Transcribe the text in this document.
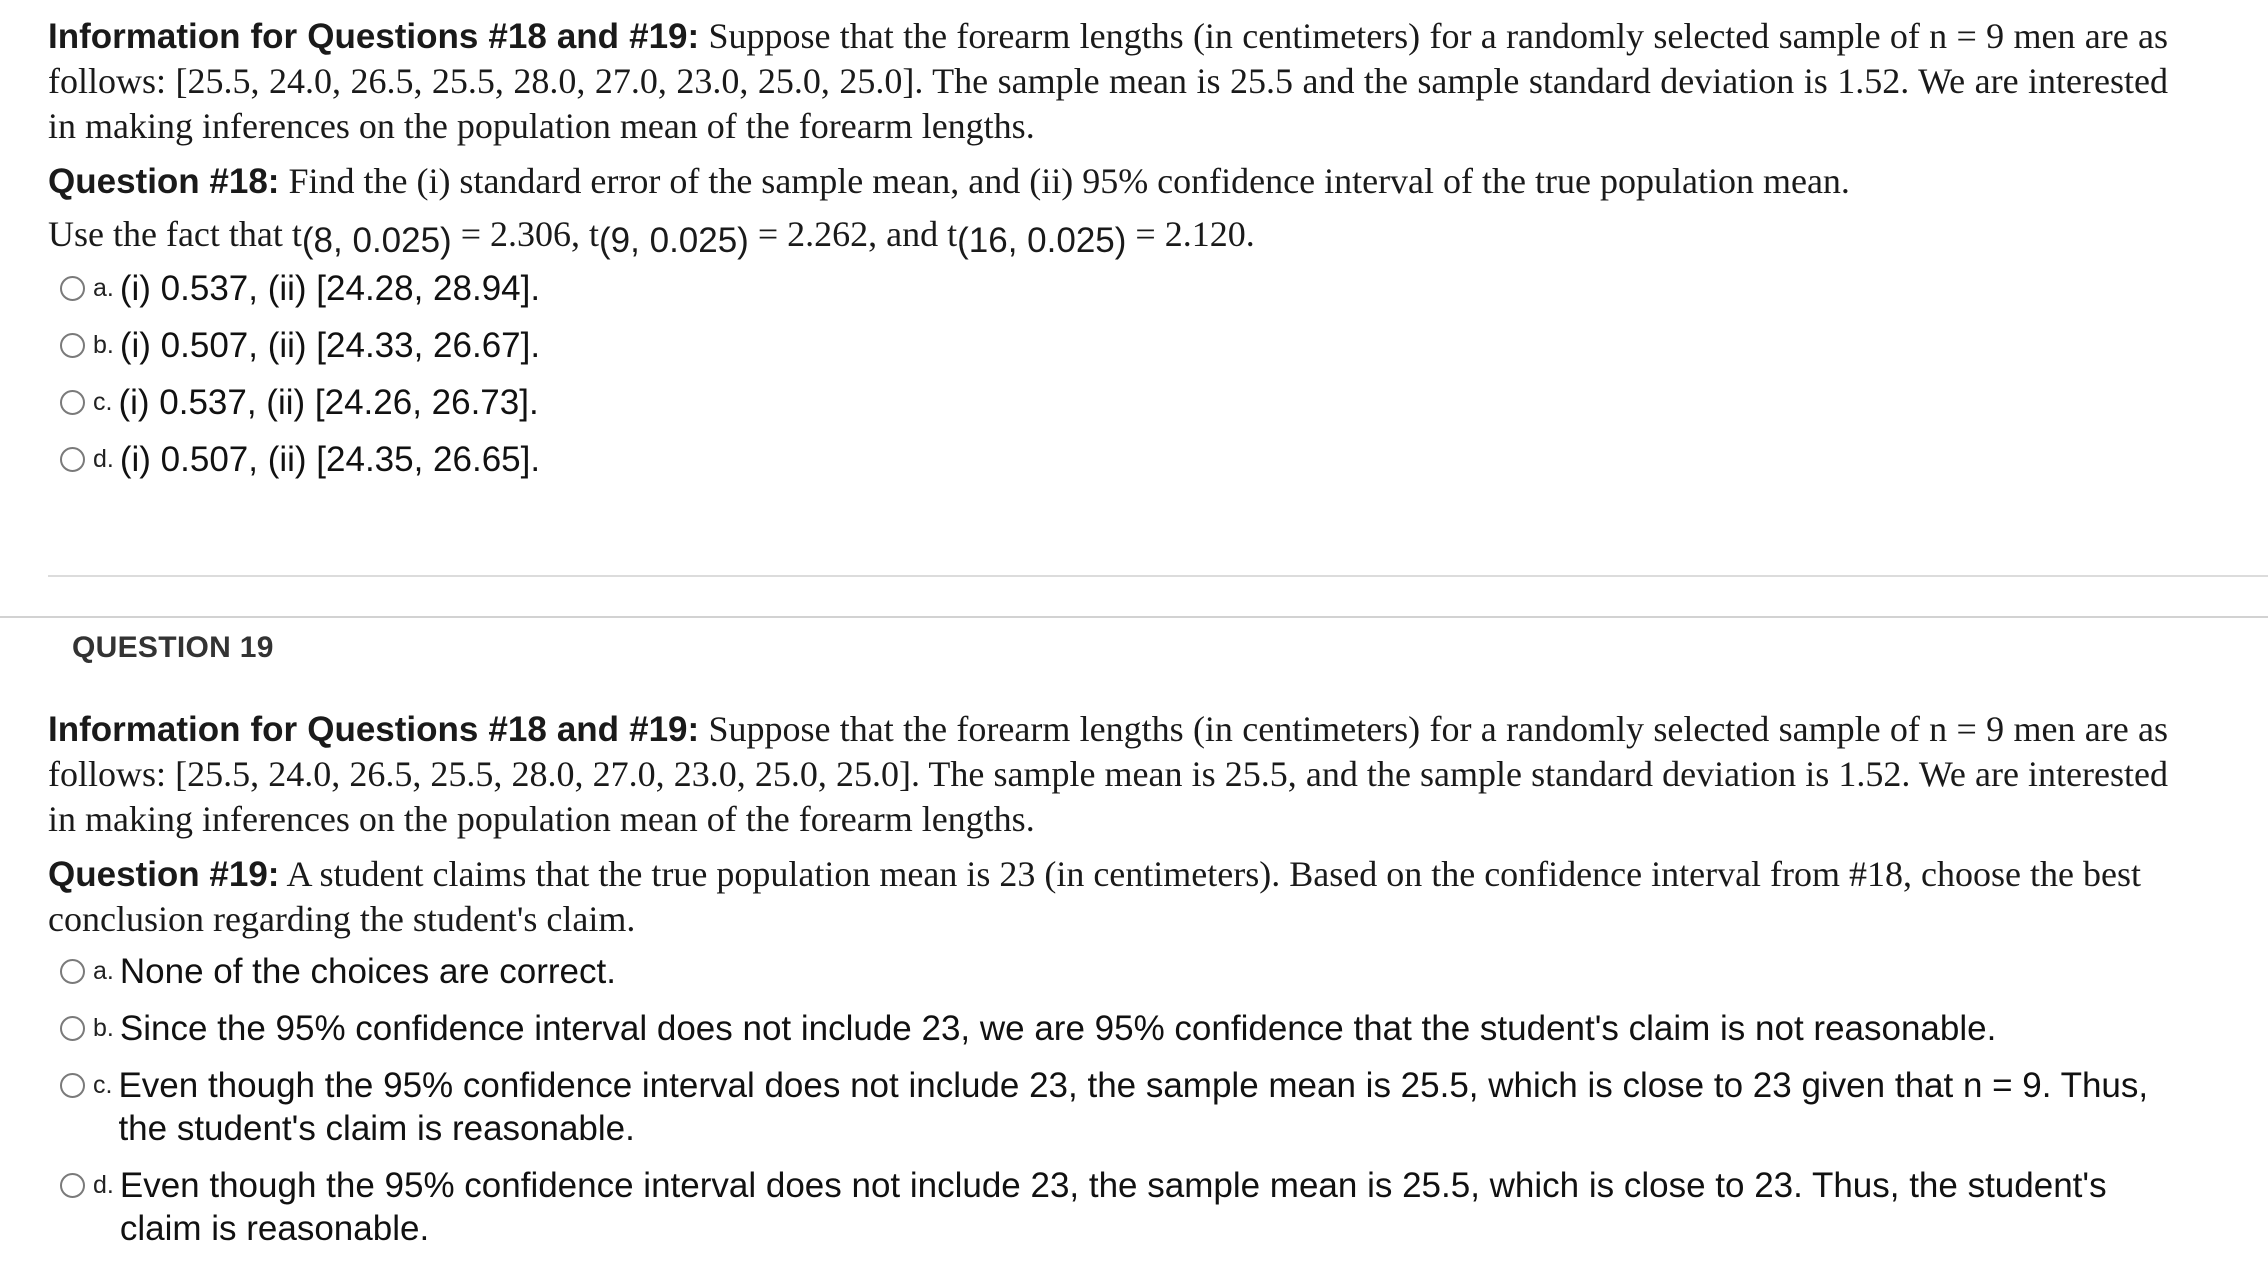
Information for Questions #18 and #19: Suppose that the forearm lengths (in centimeters) for a randomly selected sample of n = 9 men are as follows: [25.5, 24.0, 26.5, 25.5, 28.0, 27.0, 23.0, 25.0, 25.0]. The sample mean is 25.5 and the sample standard deviation is 1.52. We are interested in making inferences on the population mean of the forearm lengths.

Question #18: Find the (i) standard error of the sample mean, and (ii) 95% confidence interval of the true population mean.

Use the fact that t(8, 0.025) = 2.306, t(9, 0.025) = 2.262, and t(16, 0.025) = 2.120.

a. (i) 0.537, (ii) [24.28, 28.94].
b. (i) 0.507, (ii) [24.33, 26.67].
c. (i) 0.537, (ii) [24.26, 26.73].
d. (i) 0.507, (ii) [24.35, 26.65].
QUESTION 19

Information for Questions #18 and #19: Suppose that the forearm lengths (in centimeters) for a randomly selected sample of n = 9 men are as follows: [25.5, 24.0, 26.5, 25.5, 28.0, 27.0, 23.0, 25.0, 25.0]. The sample mean is 25.5, and the sample standard deviation is 1.52. We are interested in making inferences on the population mean of the forearm lengths.

Question #19: A student claims that the true population mean is 23 (in centimeters). Based on the confidence interval from #18, choose the best conclusion regarding the student's claim.

a. None of the choices are correct.
b. Since the 95% confidence interval does not include 23, we are 95% confidence that the student's claim is not reasonable.
c. Even though the 95% confidence interval does not include 23, the sample mean is 25.5, which is close to 23 given that n = 9. Thus, the student's claim is reasonable.
d. Even though the 95% confidence interval does not include 23, the sample mean is 25.5, which is close to 23. Thus, the student's claim is reasonable.
